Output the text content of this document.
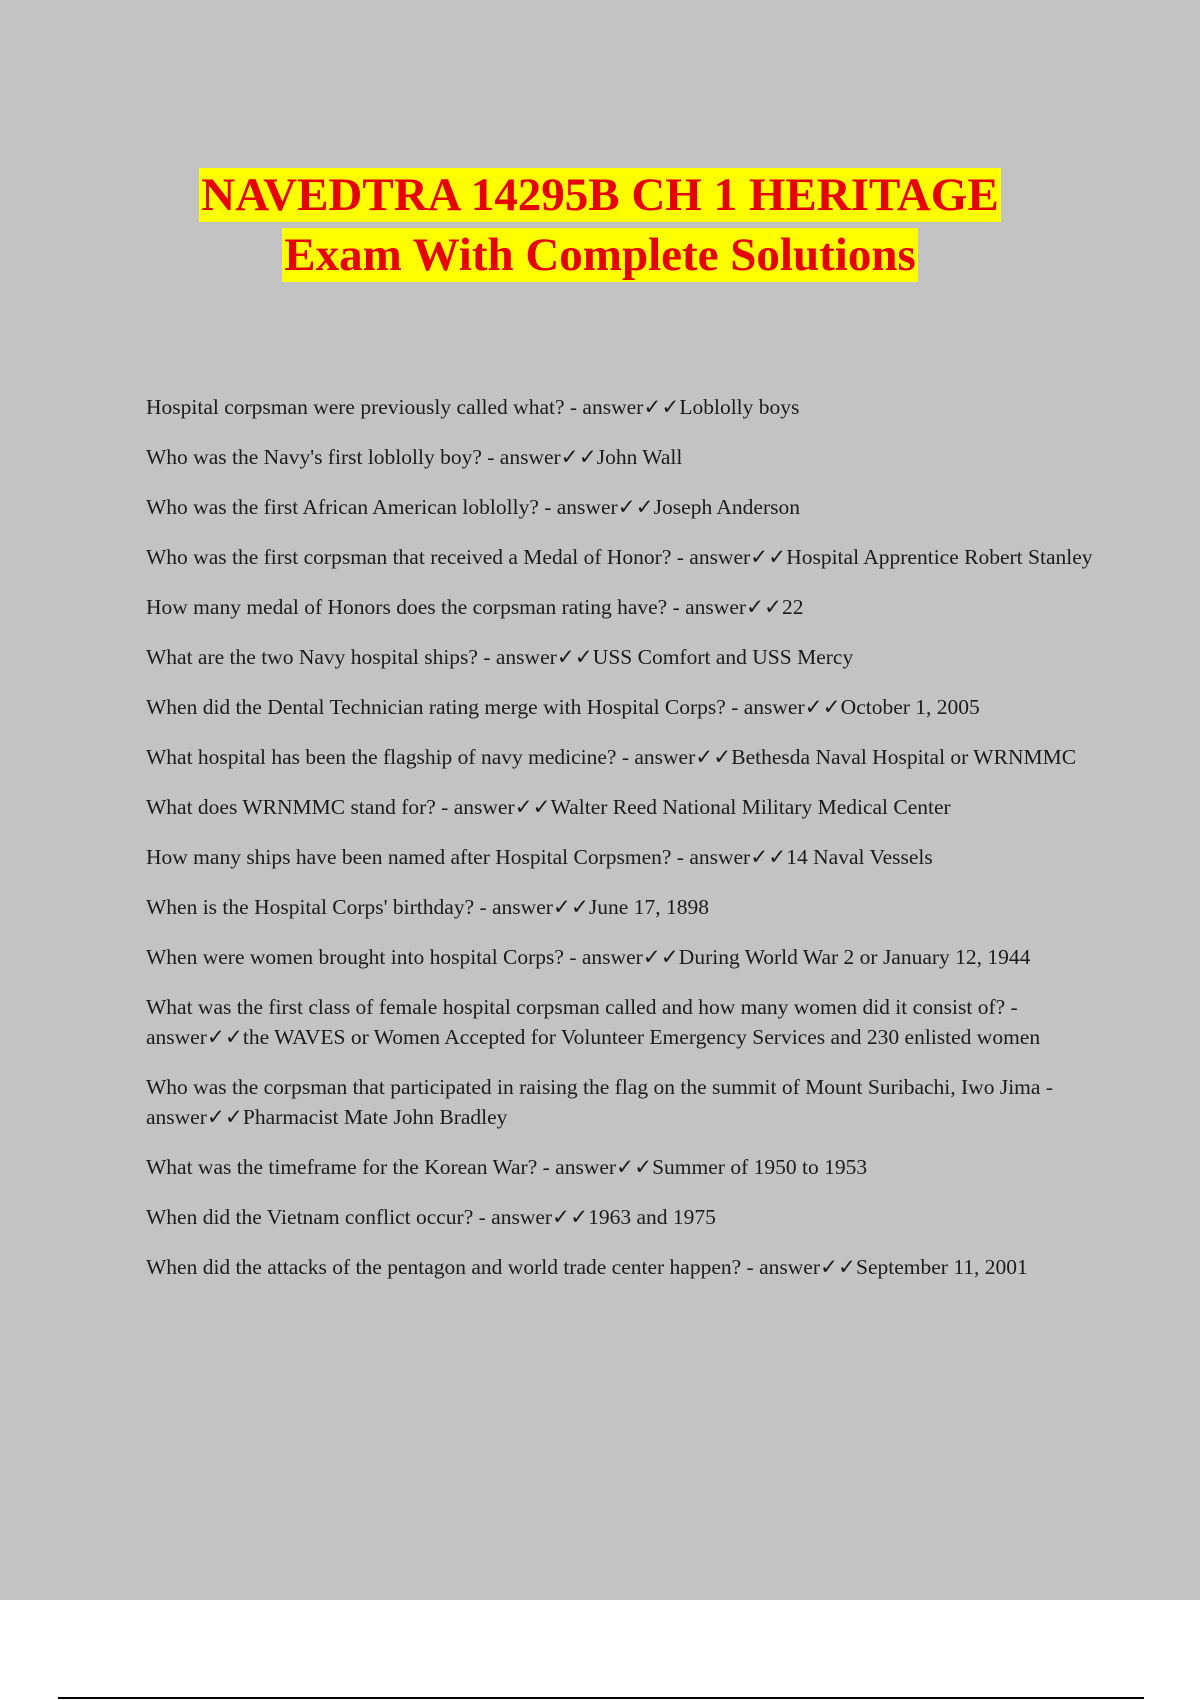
NAVEDTRA 14295B CH 1 HERITAGE
Exam With Complete Solutions
Hospital corpsman were previously called what? - answer✓✓Loblolly boys
Who was the Navy's first loblolly boy? - answer✓✓John Wall
Who was the first African American loblolly? - answer✓✓Joseph Anderson
Who was the first corpsman that received a Medal of Honor? - answer✓✓Hospital Apprentice Robert Stanley
How many medal of Honors does the corpsman rating have? - answer✓✓22
What are the two Navy hospital ships? - answer✓✓USS Comfort and USS Mercy
When did the Dental Technician rating merge with Hospital Corps? - answer✓✓October 1, 2005
What hospital has been the flagship of navy medicine? - answer✓✓Bethesda Naval Hospital or WRNMMC
What does WRNMMC stand for? - answer✓✓Walter Reed National Military Medical Center
How many ships have been named after Hospital Corpsmen? - answer✓✓14 Naval Vessels
When is the Hospital Corps' birthday? - answer✓✓June 17, 1898
When were women brought into hospital Corps? - answer✓✓During World War 2 or January 12, 1944
What was the first class of female hospital corpsman called and how many women did it consist of? - answer✓✓the WAVES or Women Accepted for Volunteer Emergency Services and 230 enlisted women
Who was the corpsman that participated in raising the flag on the summit of Mount Suribachi, Iwo Jima - answer✓✓Pharmacist Mate John Bradley
What was the timeframe for the Korean War? - answer✓✓Summer of 1950 to 1953
When did the Vietnam conflict occur? - answer✓✓1963 and 1975
When did the attacks of the pentagon and world trade center happen? - answer✓✓September 11, 2001
